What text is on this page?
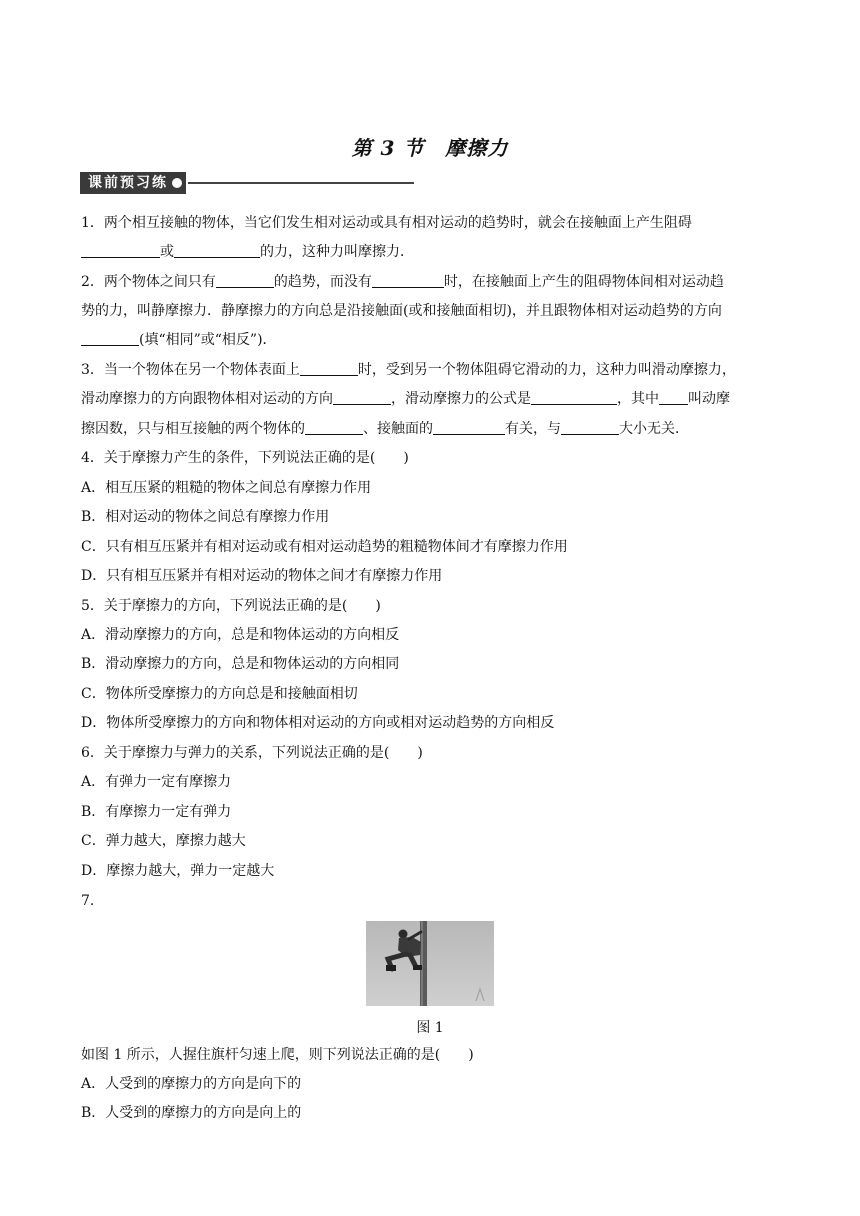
第 3 节　摩擦力
课前预习练
1．两个相互接触的物体，当它们发生相对运动或具有相对运动的趋势时，就会在接触面上产生阻碍
或	的力，这种力叫摩擦力．
2．两个物体之间只有	的趋势，而没有	时，在接触面上产生的阻碍物体间相对运动趋
势的力，叫静摩擦力．静摩擦力的方向总是沿接触面(或和接触面相切)，并且跟物体相对运动趋势的方向
(填“相同”或“相反”)．
3．当一个物体在另一个物体表面上	时，受到另一个物体阻碍它滑动的力，这种力叫滑动摩擦力，
滑动摩擦力的方向跟物体相对运动的方向	，滑动摩擦力的公式是	，其中 叫动摩
擦因数，只与相互接触的两个物体的	、接触面的	有关，与	大小无关．
4．关于摩擦力产生的条件，下列说法正确的是(　　)
A．相互压紧的粗糙的物体之间总有摩擦力作用
B．相对运动的物体之间总有摩擦力作用
C．只有相互压紧并有相对运动或有相对运动趋势的粗糙物体间才有摩擦力作用
D．只有相互压紧并有相对运动的物体之间才有摩擦力作用
5．关于摩擦力的方向，下列说法正确的是(　　)
A．滑动摩擦力的方向，总是和物体运动的方向相反
B．滑动摩擦力的方向，总是和物体运动的方向相同
C．物体所受摩擦力的方向总是和接触面相切
D．物体所受摩擦力的方向和物体相对运动的方向或相对运动趋势的方向相反
6．关于摩擦力与弹力的关系，下列说法正确的是(　　)
A．有弹力一定有摩擦力
B．有摩擦力一定有弹力
C．弹力越大，摩擦力越大
D．摩擦力越大，弹力一定越大
7.
图 1
如图 1 所示，人握住旗杆匀速上爬，则下列说法正确的是(　　)
A．人受到的摩擦力的方向是向下的
B．人受到的摩擦力的方向是向上的
